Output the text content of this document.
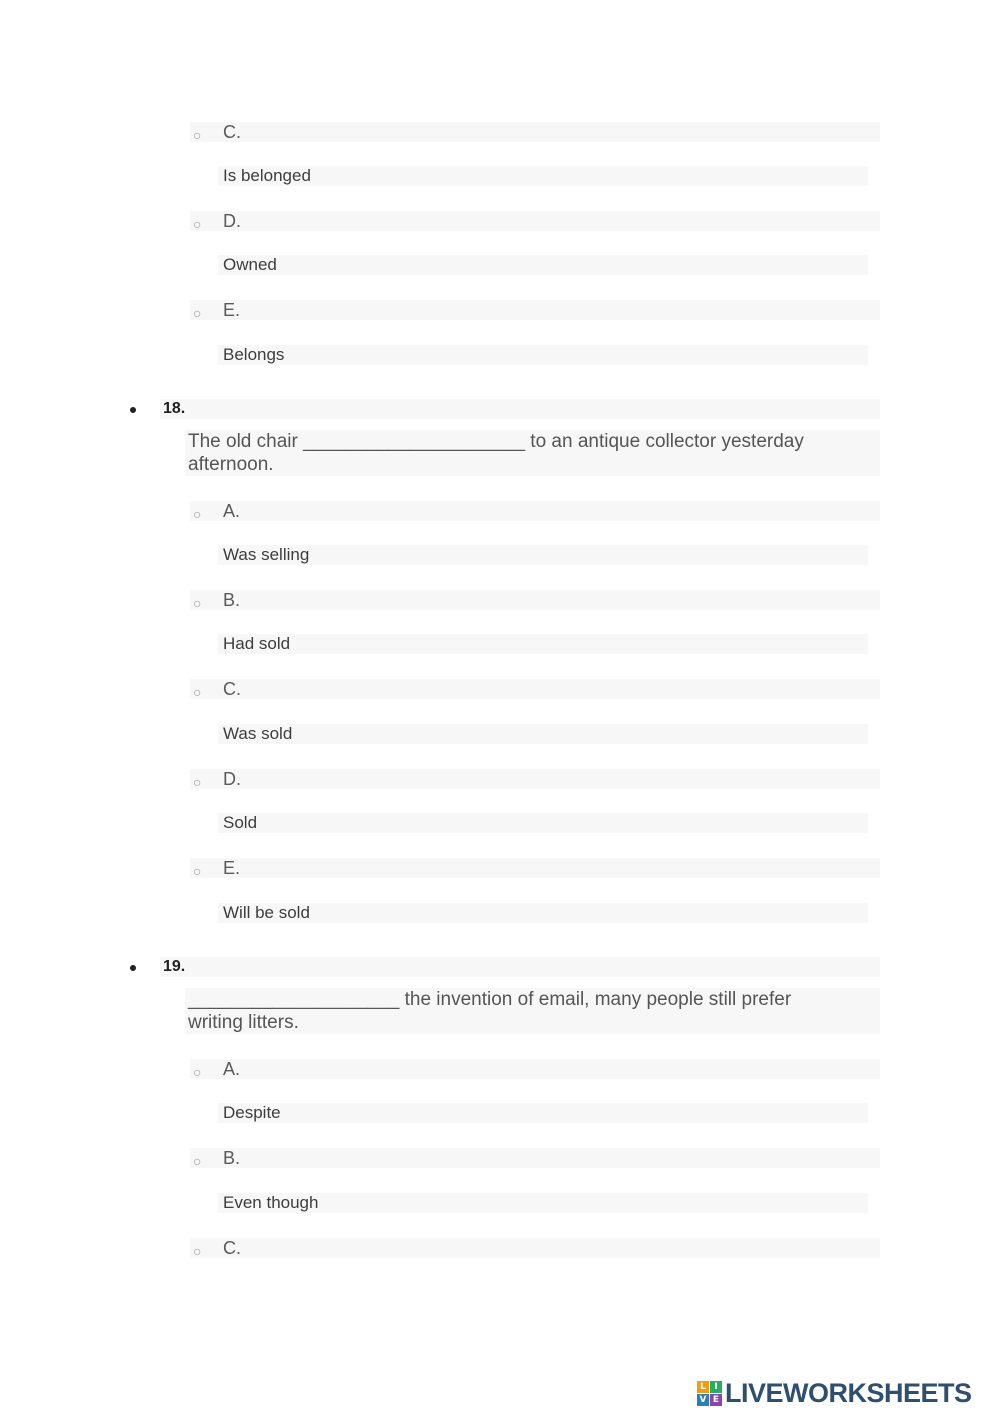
○ C.
Is belonged
○ D.
Owned
○ E.
Belongs
18.
The old chair _____________________ to an antique collector yesterday
afternoon.
○ A.
Was selling
○ B.
Had sold
○ C.
Was sold
○ D.
Sold
○ E.
Will be sold
19.
____________________ the invention of email, many people still prefer
writing litters.
○ A.
Despite
○ B.
Even though
○ C.
L I
V E LIVEWORKSHEETS
